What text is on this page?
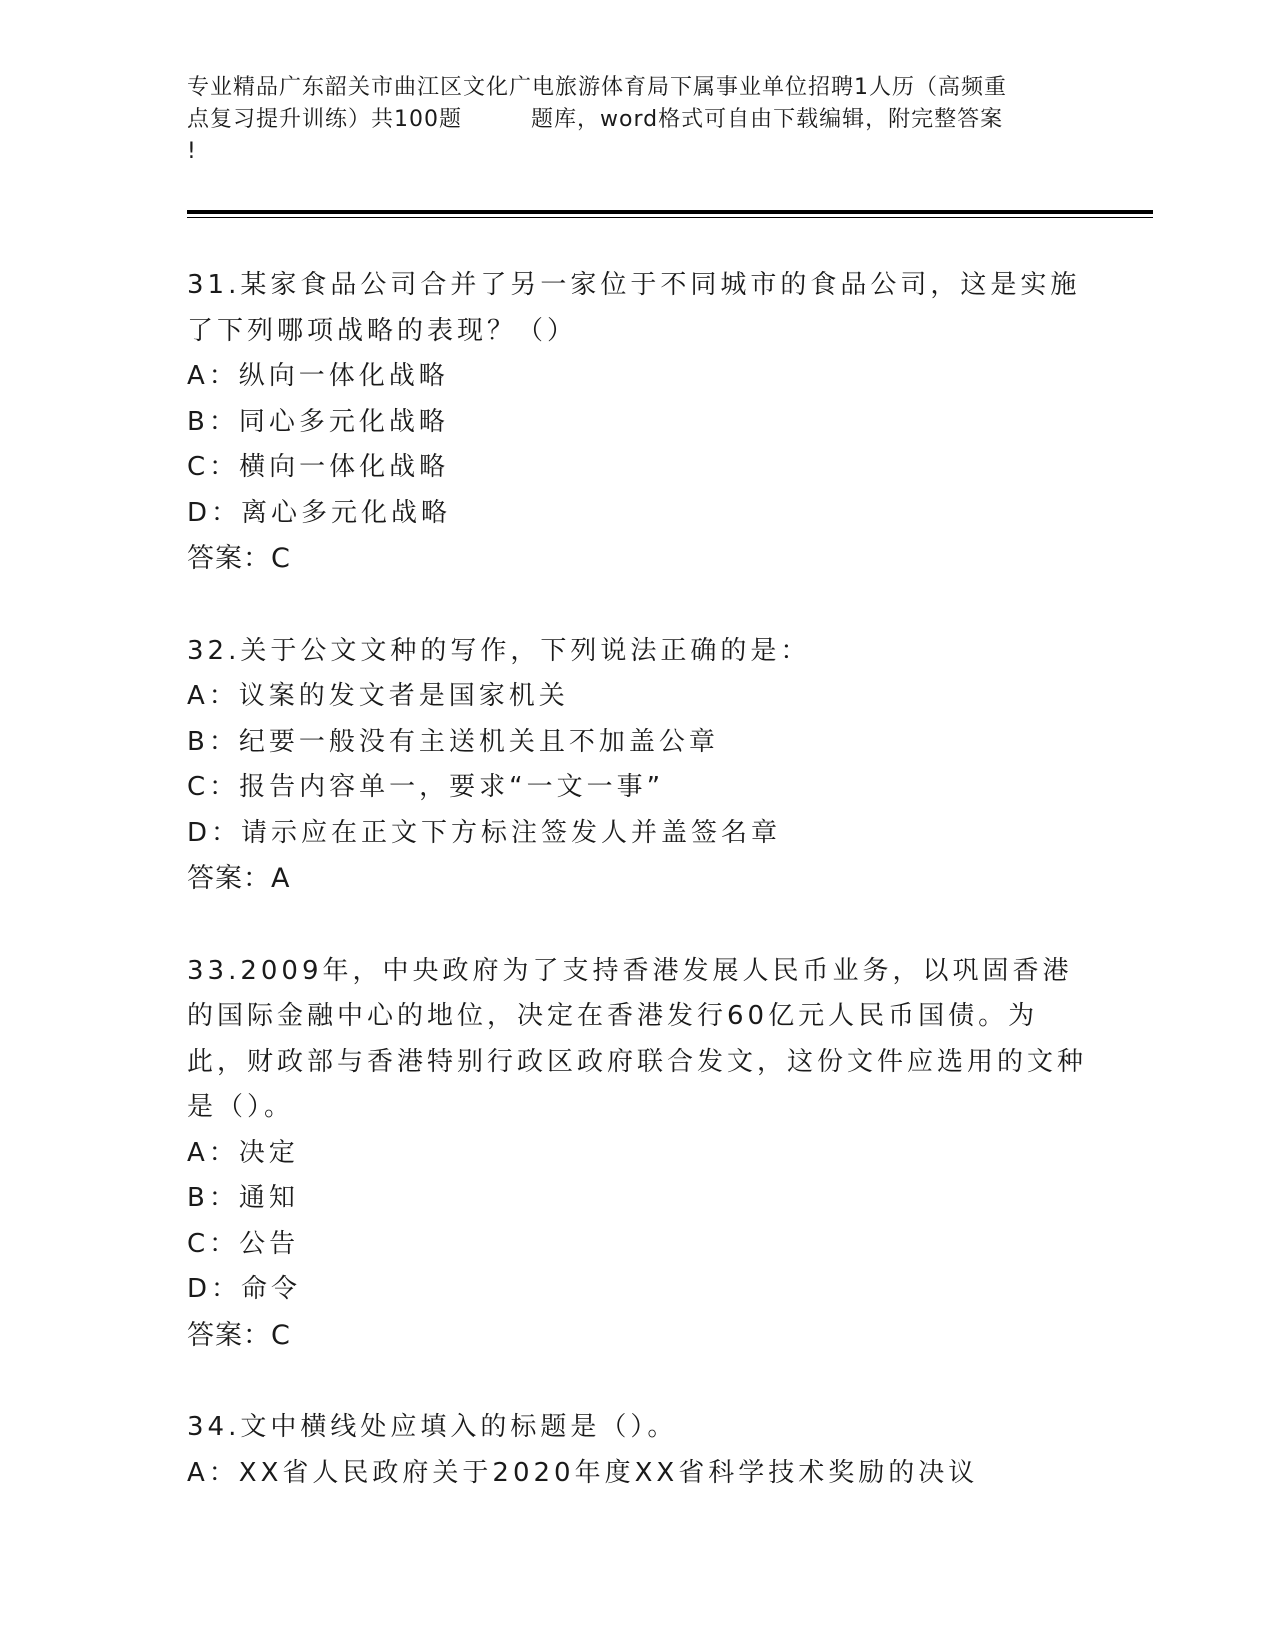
专业精品广东韶关市曲江区文化广电旅游体育局下属事业单位招聘1人历（高频重
点复习提升训练）共100题　　　题库，word格式可自由下载编辑，附完整答案
!

31.某家食品公司合并了另一家位于不同城市的食品公司，这是实施了下列哪项战略的表现？（）

A：纵向一体化战略

B：同心多元化战略

C：横向一体化战略

D：离心多元化战略

答案：C

32.关于公文文种的写作，下列说法正确的是：

A：议案的发文者是国家机关

B：纪要一般没有主送机关且不加盖公章

C：报告内容单一，要求“一文一事”

D：请示应在正文下方标注签发人并盖签名章

答案：A

33.2009年，中央政府为了支持香港发展人民币业务，以巩固香港的国际金融中心的地位，决定在香港发行60亿元人民币国债。为此，财政部与香港特别行政区政府联合发文，这份文件应选用的文种是（）。

A：决定

B：通知

C：公告

D：命令

答案：C

34.文中横线处应填入的标题是（）。

A：XX省人民政府关于2020年度XX省科学技术奖励的决议
